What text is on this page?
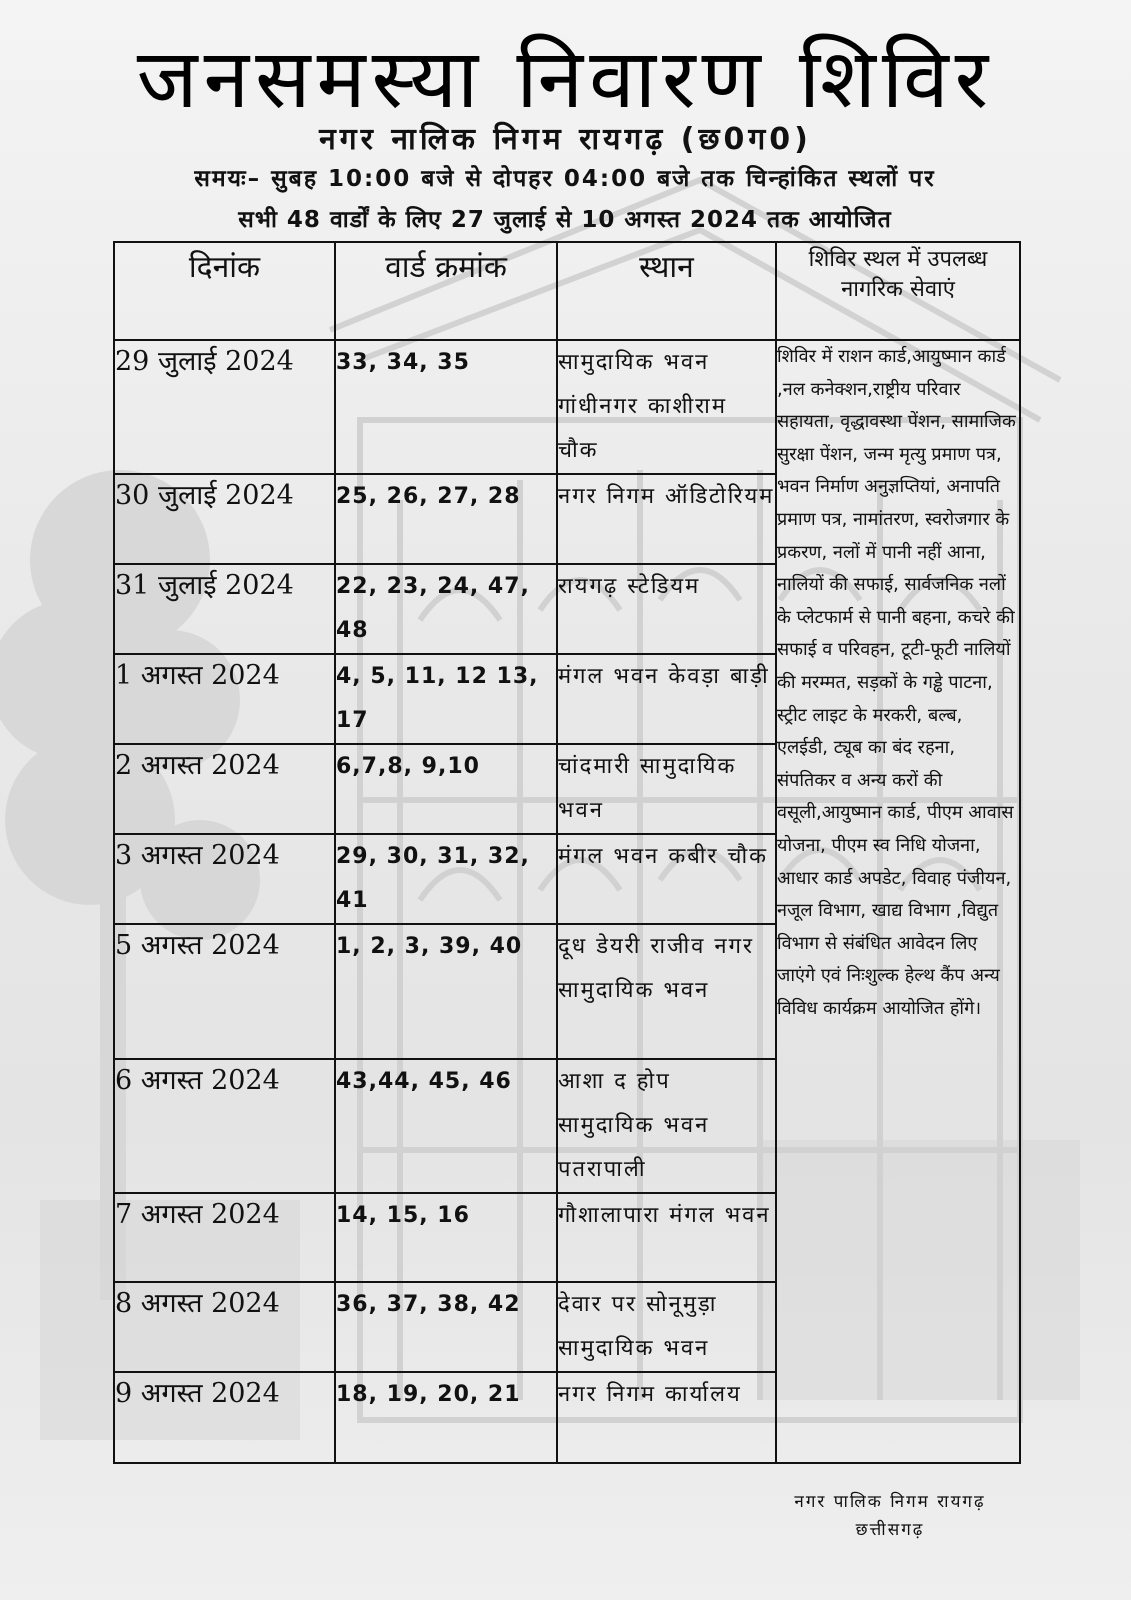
जनसमस्या निवारण शिविर
नगर नालिक निगम रायगढ़ (छ0ग0)
समयः– सुबह 10:00 बजे से दोपहर 04:00 बजे तक चिन्हांकित स्थलों पर
सभी 48 वार्डों के लिए 27 जुलाई से 10 अगस्त 2024 तक आयोजित
दिनांक	वार्ड क्रमांक	स्थान	शिविर स्थल में उपलब्ध नागरिक सेवाएं
29 जुलाई 2024	33, 34, 35	सामुदायिक भवन गांधीनगर काशीराम चौक	शिविर में राशन कार्ड,आयुष्मान कार्ड ,नल कनेक्शन,राष्ट्रीय परिवार सहायता, वृद्धावस्था पेंशन, सामाजिक सुरक्षा पेंशन, जन्म मृत्यु प्रमाण पत्र, भवन निर्माण अनुज्ञप्तियां, अनापति प्रमाण पत्र, नामांतरण, स्वरोजगार के प्रकरण, नलों में पानी नहीं आना, नालियों की सफाई, सार्वजनिक नलों के प्लेटफार्म से पानी बहना, कचरे की सफाई व परिवहन, टूटी-फूटी नालियों की मरम्मत, सड़कों के गड्ढे पाटना, स्ट्रीट लाइट के मरकरी, बल्ब, एलईडी, ट्यूब का बंद रहना, संपतिकर व अन्य करों की वसूली,आयुष्मान कार्ड, पीएम आवास योजना, पीएम स्व निधि योजना, आधार कार्ड अपडेट, विवाह पंजीयन, नजूल विभाग, खाद्य विभाग ,विद्युत विभाग से संबंधित आवेदन लिए जाएंगे एवं निःशुल्क हेल्थ कैंप अन्य विविध कार्यक्रम आयोजित होंगे।
30 जुलाई 2024	25, 26, 27, 28	नगर निगम ऑडिटोरियम	
31 जुलाई 2024	22, 23, 24, 47, 48	रायगढ़ स्टेडियम	
1 अगस्त 2024	4, 5, 11, 12 13, 17	मंगल भवन केवड़ा बाड़ी	
2 अगस्त 2024	6,7,8, 9,10	चांदमारी सामुदायिक भवन	
3 अगस्त 2024	29, 30, 31, 32, 41	मंगल भवन कबीर चौक	
5 अगस्त 2024	1, 2, 3, 39, 40	दूध डेयरी राजीव नगर सामुदायिक भवन	
6 अगस्त 2024	43,44, 45, 46	आशा द होप सामुदायिक भवन पतरापाली	
7 अगस्त 2024	14, 15, 16	गौशालापारा मंगल भवन	
8 अगस्त 2024	36, 37, 38, 42	देवार पर सोनूमुड़ा सामुदायिक भवन	
9 अगस्त 2024	18, 19, 20, 21	नगर निगम कार्यालय	
नगर पालिक निगम रायगढ़
छत्तीसगढ़
